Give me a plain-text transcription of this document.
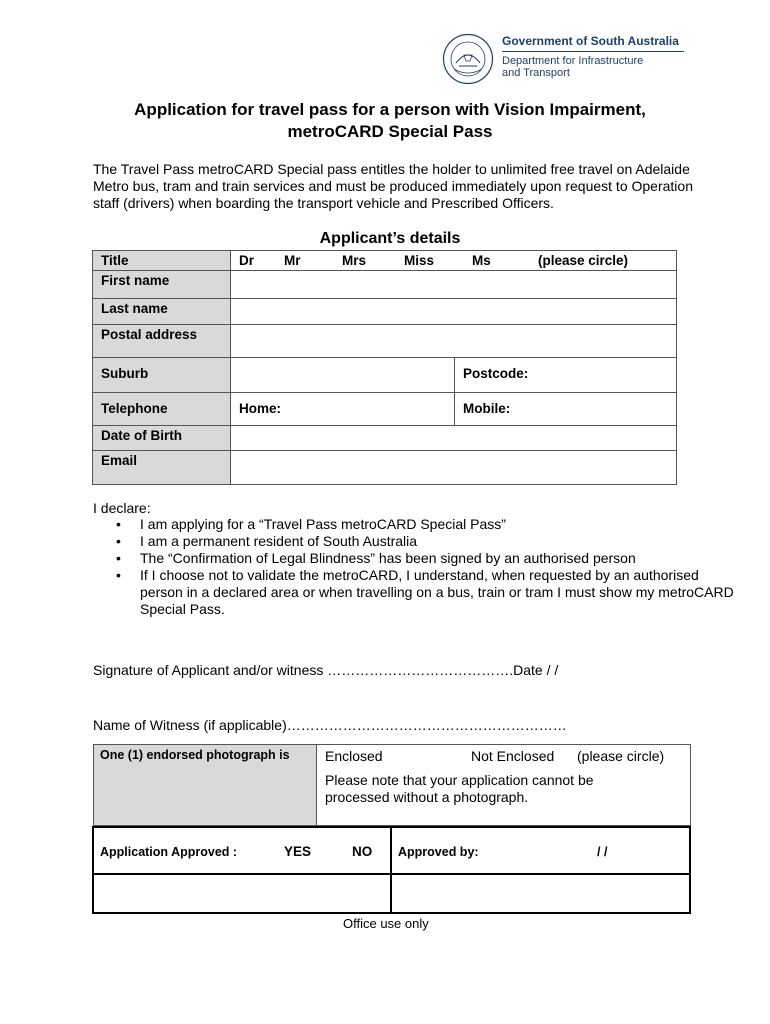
Government of South Australia
Department for Infrastructure
and Transport
Application for travel pass for a person with Vision Impairment,
metroCARD Special Pass
The Travel Pass metroCARD Special pass entitles the holder to unlimited free travel on Adelaide Metro bus, tram and train services and must be produced immediately upon request to Operation staff (drivers) when boarding the transport vehicle and Prescribed Officers.
Applicant’s details
Title	Dr Mr Mrs Miss Ms (please circle)	
First name		
Last name		
Postal address		
Suburb		Postcode:
Telephone	Home:	Mobile:
Date of Birth		
Email		
I declare:
• I am applying for a “Travel Pass metroCARD Special Pass”
• I am a permanent resident of South Australia
• The “Confirmation of Legal Blindness” has been signed by an authorised person
• If I choose not to validate the metroCARD, I understand, when requested by an authorised person in a declared area or when travelling on a bus, train or tram I must show my metroCARD Special Pass.
Signature of Applicant and/or witness ………………………………….Date / /
Name of Witness (if applicable)……………………………………………………
One (1) endorsed photograph is	Enclosed	Not Enclosed (please circle)
Please note that your application cannot be processed without a photograph.
Application Approved :	YES	NO Approved by:	/ /
Office use only
